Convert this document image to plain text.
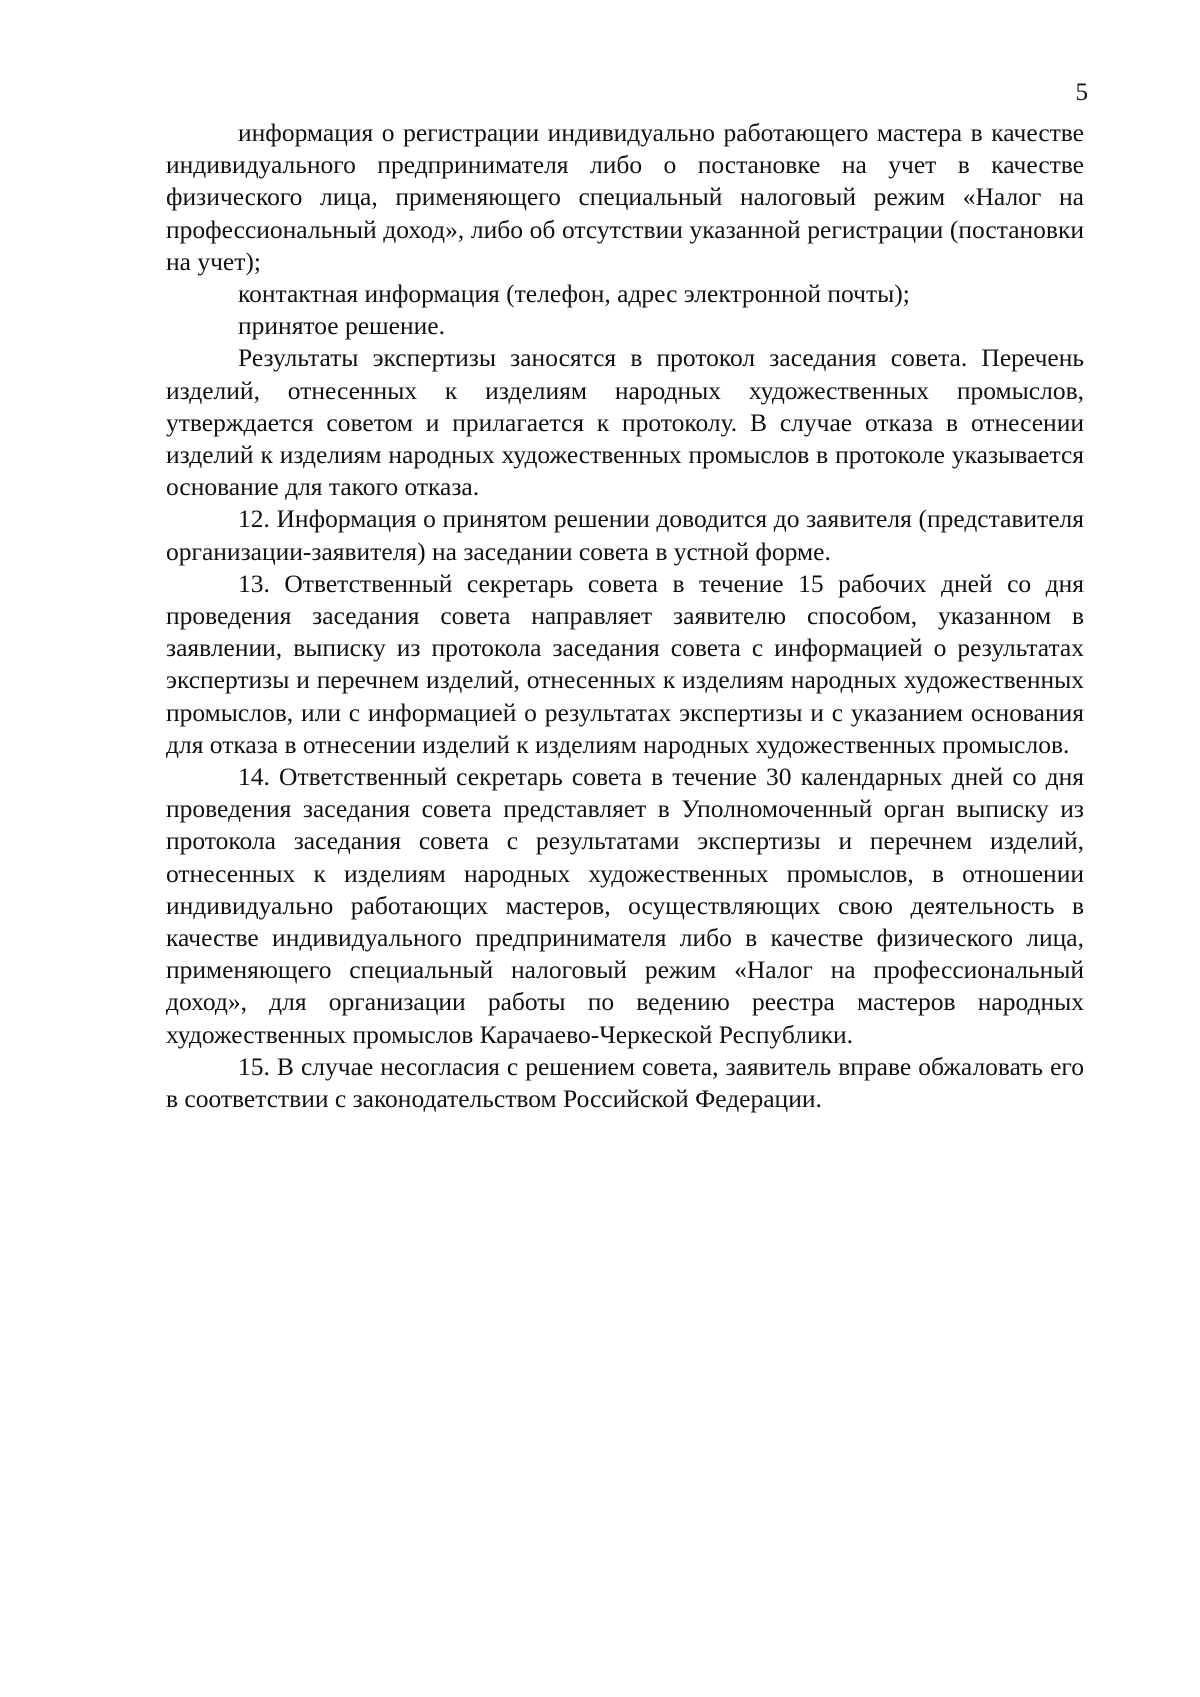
5

информация о регистрации индивидуально работающего мастера в качестве индивидуального предпринимателя либо о постановке на учет в качестве физического лица, применяющего специальный налоговый режим «Налог на профессиональный доход», либо об отсутствии указанной регистрации (постановки на учет);

контактная информация (телефон, адрес электронной почты);

принятое решение.

Результаты экспертизы заносятся в протокол заседания совета. Перечень изделий, отнесенных к изделиям народных художественных промыслов, утверждается советом и прилагается к протоколу. В случае отказа в отнесении изделий к изделиям народных художественных промыслов в протоколе указывается основание для такого отказа.

12. Информация о принятом решении доводится до заявителя (представителя организации-заявителя) на заседании совета в устной форме.

13. Ответственный секретарь совета в течение 15 рабочих дней со дня проведения заседания совета направляет заявителю способом, указанном в заявлении, выписку из протокола заседания совета с информацией о результатах экспертизы и перечнем изделий, отнесенных к изделиям народных художественных промыслов, или с информацией о результатах экспертизы и с указанием основания для отказа в отнесении изделий к изделиям народных художественных промыслов.

14. Ответственный секретарь совета в течение 30 календарных дней со дня проведения заседания совета представляет в Уполномоченный орган выписку из протокола заседания совета с результатами экспертизы и перечнем изделий, отнесенных к изделиям народных художественных промыслов, в отношении индивидуально работающих мастеров, осуществляющих свою деятельность в качестве индивидуального предпринимателя либо в качестве физического лица, применяющего специальный налоговый режим «Налог на профессиональный доход», для организации работы по ведению реестра мастеров народных художественных промыслов Карачаево-Черкеской Республики.

15. В случае несогласия с решением совета, заявитель вправе обжаловать его в соответствии с законодательством Российской Федерации.
